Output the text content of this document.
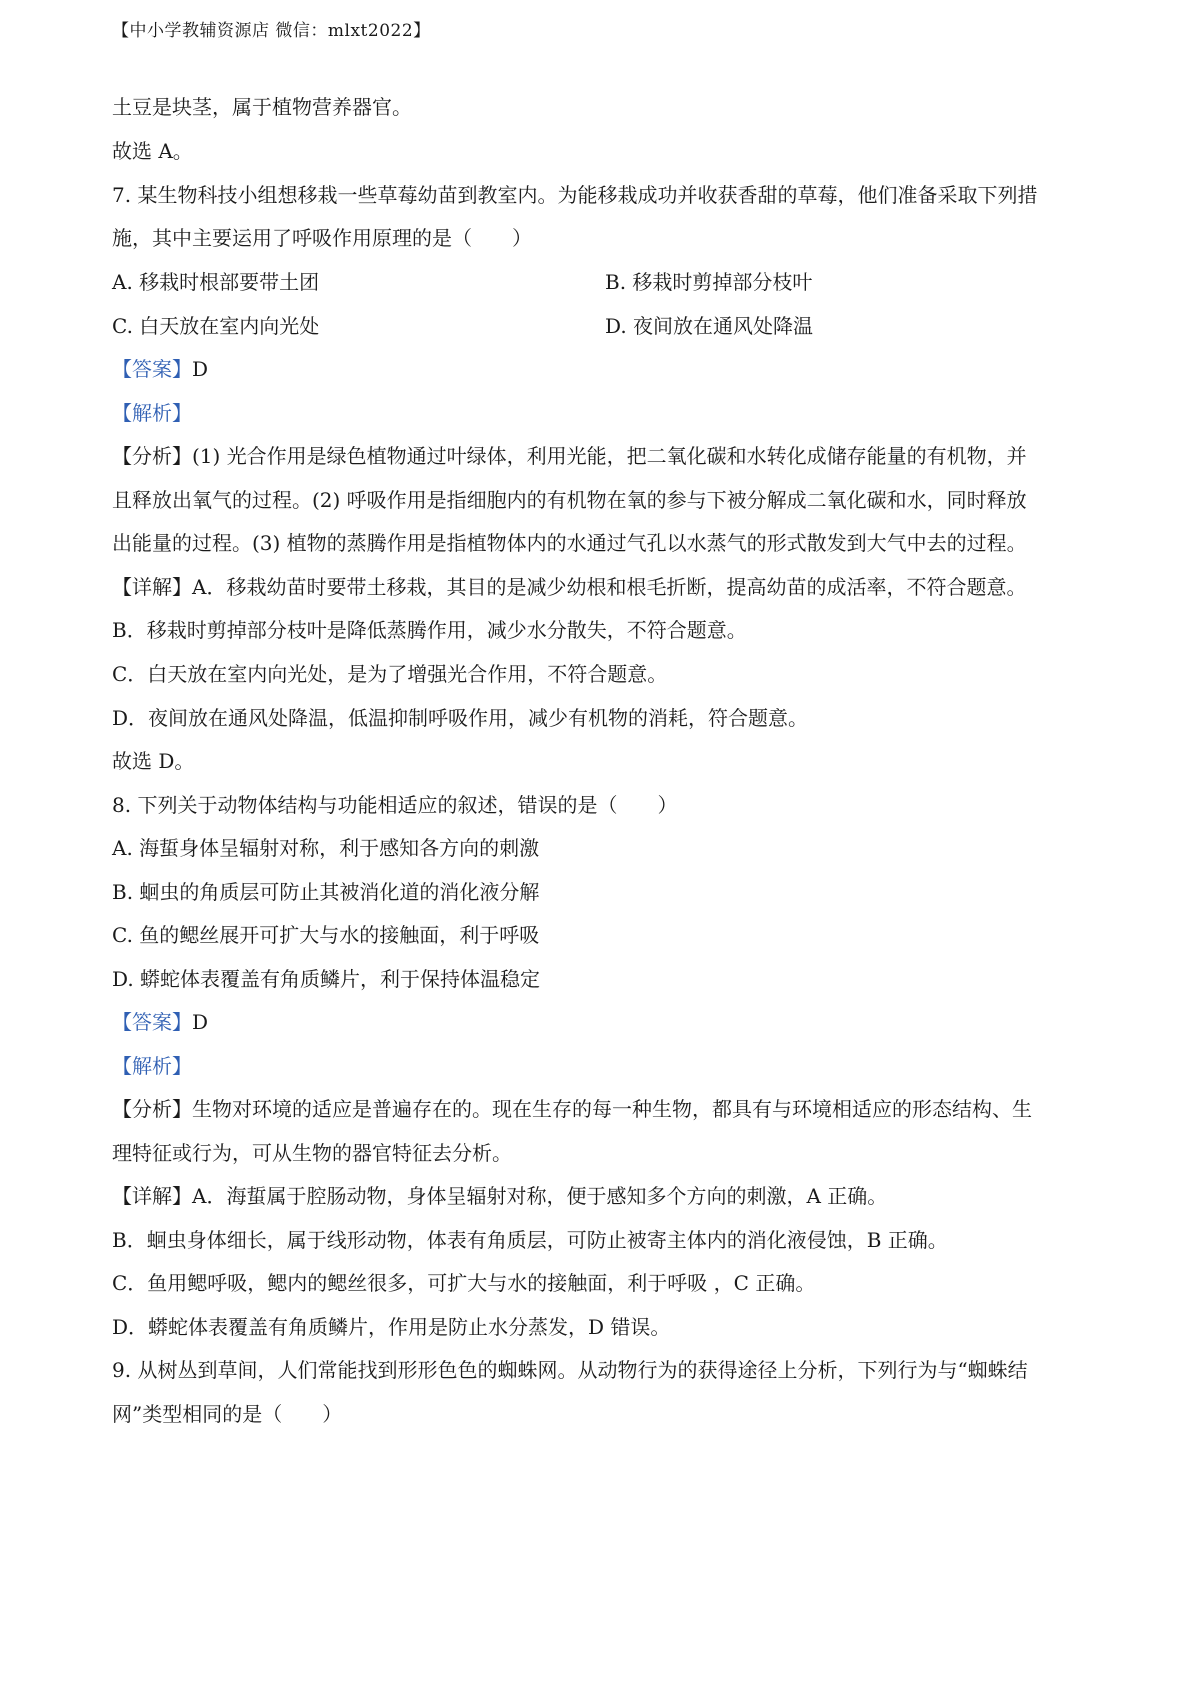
【中小学教辅资源店 微信：mlxt2022】
土豆是块茎，属于植物营养器官。
故选 A。
7. 某生物科技小组想移栽一些草莓幼苗到教室内。为能移栽成功并收获香甜的草莓，他们准备采取下列措
施，其中主要运用了呼吸作用原理的是（　　）
A. 移栽时根部要带土团	B. 移栽时剪掉部分枝叶
C. 白天放在室内向光处	D. 夜间放在通风处降温
【答案】D
【解析】
【分析】(1) 光合作用是绿色植物通过叶绿体，利用光能，把二氧化碳和水转化成储存能量的有机物，并
且释放出氧气的过程。(2) 呼吸作用是指细胞内的有机物在氧的参与下被分解成二氧化碳和水，同时释放
出能量的过程。(3) 植物的蒸腾作用是指植物体内的水通过气孔以水蒸气的形式散发到大气中去的过程。
【详解】A．移栽幼苗时要带土移栽，其目的是减少幼根和根毛折断，提高幼苗的成活率，不符合题意。
B．移栽时剪掉部分枝叶是降低蒸腾作用，减少水分散失，不符合题意。
C．白天放在室内向光处，是为了增强光合作用，不符合题意。
D．夜间放在通风处降温，低温抑制呼吸作用，减少有机物的消耗，符合题意。
故选 D。
8. 下列关于动物体结构与功能相适应的叙述，错误的是（　　）
A. 海蜇身体呈辐射对称，利于感知各方向的刺激
B. 蛔虫的角质层可防止其被消化道的消化液分解
C. 鱼的鳃丝展开可扩大与水的接触面，利于呼吸
D. 蟒蛇体表覆盖有角质鳞片，利于保持体温稳定
【答案】D
【解析】
【分析】生物对环境的适应是普遍存在的。现在生存的每一种生物，都具有与环境相适应的形态结构、生
理特征或行为，可从生物的器官特征去分析。
【详解】A．海蜇属于腔肠动物，身体呈辐射对称，便于感知多个方向的刺激，A 正确。
B．蛔虫身体细长，属于线形动物，体表有角质层，可防止被寄主体内的消化液侵蚀，B 正确。
C．鱼用鳃呼吸，鳃内的鳃丝很多，可扩大与水的接触面，利于呼吸 ，C 正确。
D．蟒蛇体表覆盖有角质鳞片，作用是防止水分蒸发，D 错误。
9. 从树丛到草间，人们常能找到形形色色的蜘蛛网。从动物行为的获得途径上分析，下列行为与“蜘蛛结
网”类型相同的是（　　）
